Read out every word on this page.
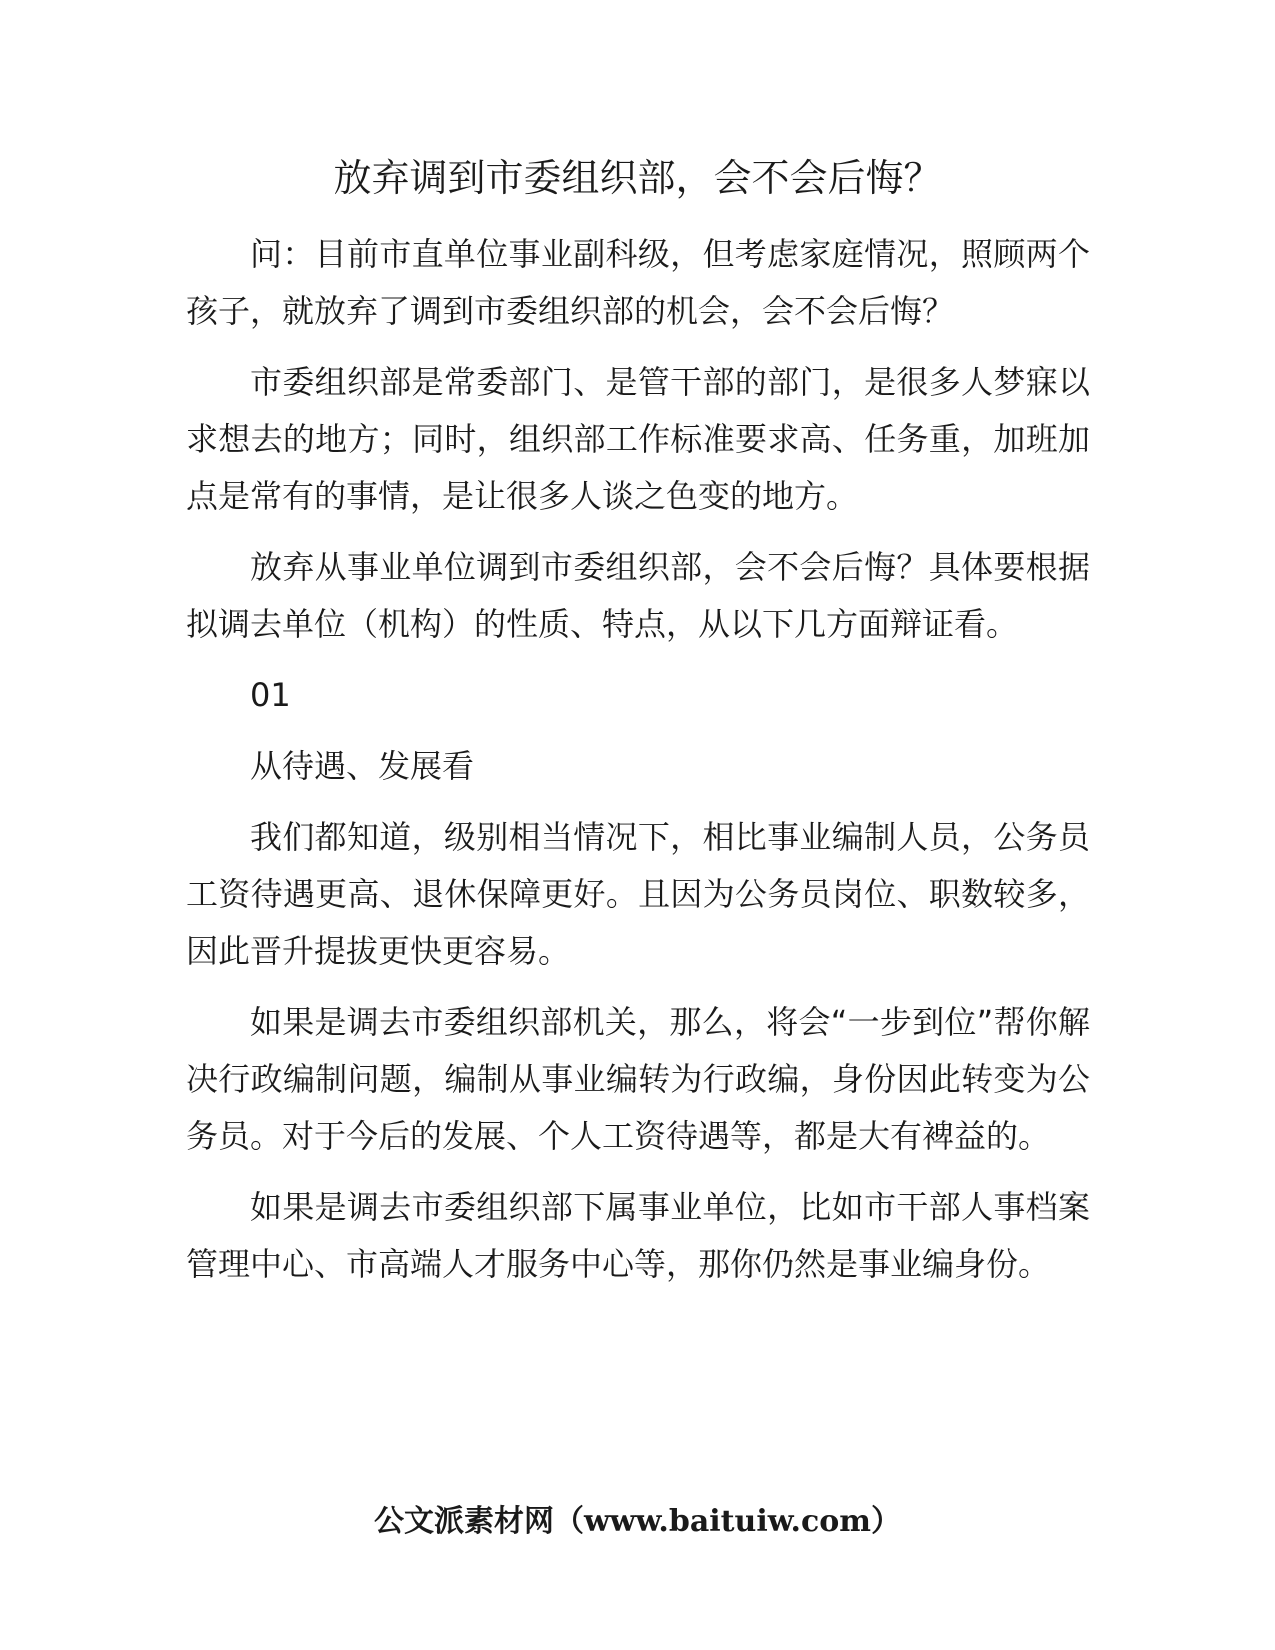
放弃调到市委组织部，会不会后悔？

问：目前市直单位事业副科级，但考虑家庭情况，照顾两个孩子，就放弃了调到市委组织部的机会，会不会后悔？

市委组织部是常委部门、是管干部的部门，是很多人梦寐以求想去的地方；同时，组织部工作标准要求高、任务重，加班加点是常有的事情，是让很多人谈之色变的地方。

放弃从事业单位调到市委组织部，会不会后悔？具体要根据拟调去单位（机构）的性质、特点，从以下几方面辩证看。

01

从待遇、发展看

我们都知道，级别相当情况下，相比事业编制人员，公务员工资待遇更高、退休保障更好。且因为公务员岗位、职数较多，因此晋升提拔更快更容易。

如果是调去市委组织部机关，那么，将会“一步到位”帮你解决行政编制问题，编制从事业编转为行政编，身份因此转变为公务员。对于今后的发展、个人工资待遇等，都是大有裨益的。

如果是调去市委组织部下属事业单位，比如市干部人事档案管理中心、市高端人才服务中心等，那你仍然是事业编身份。

公文派素材网（www.baituiw.com）
